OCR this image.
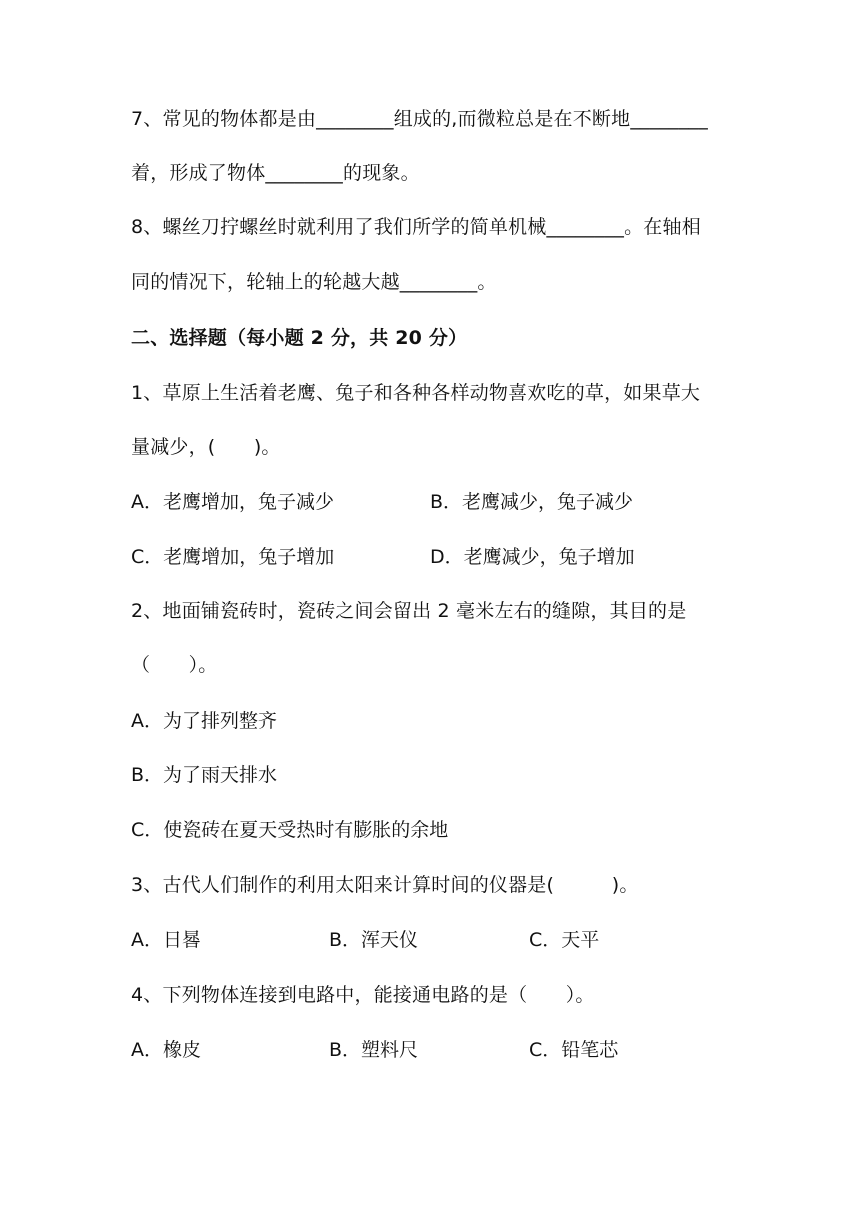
7、常见的物体都是由________组成的,而微粒总是在不断地________
着，形成了物体________的现象。
8、螺丝刀拧螺丝时就利用了我们所学的简单机械________。在轴相
同的情况下，轮轴上的轮越大越________。
二、选择题（每小题 2 分，共 20 分）
1、草原上生活着老鹰、兔子和各种各样动物喜欢吃的草，如果草大
量减少，(　　)。
A．老鹰增加，兔子减少	B．老鹰减少，兔子减少
C．老鹰增加，兔子增加	D．老鹰减少，兔子增加
2、地面铺瓷砖时，瓷砖之间会留出 2 毫米左右的缝隙，其目的是
（　　）。
A．为了排列整齐
B．为了雨天排水
C．使瓷砖在夏天受热时有膨胀的余地
3、古代人们制作的利用太阳来计算时间的仪器是(　　　)。
A．日晷	B．浑天仪	C．天平
4、下列物体连接到电路中，能接通电路的是（　　）。
A．橡皮	B．塑料尺	C．铅笔芯
